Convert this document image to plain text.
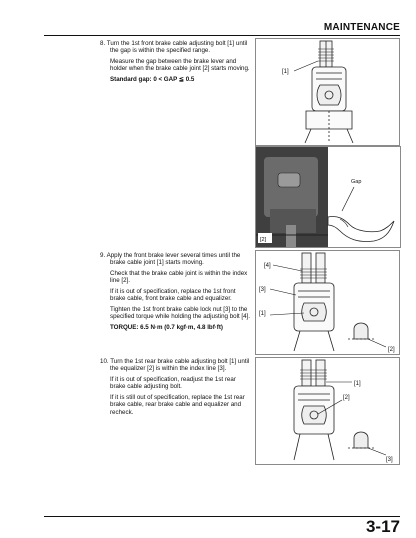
MAINTENANCE

8. Turn the 1st front brake cable adjusting bolt [1] until the gap is within the specified range.

Measure the gap between the brake lever and holder when the brake cable joint [2] starts moving.

Standard gap: 0 < GAP ≦ 0.5

9. Apply the front brake lever several times until the brake cable joint [1] starts moving.

Check that the brake cable joint is within the index line [2].

If it is out of specification, replace the 1st front brake cable, front brake cable and equalizer.

Tighten the 1st front brake cable lock nut [3] to the specified torque while holding the adjusting bolt [4].

TORQUE: 6.5 N·m (0.7 kgf·m, 4.8 lbf·ft)

10. Turn the 1st rear brake cable adjusting bolt [1] until the equalizer [2] is within the index line [3].

If it is out of specification, readjust the 1st rear brake cable adjusting bolt.

If it is still out of specification, replace the 1st rear brake cable, rear brake cable and equalizer and recheck.

[1]
Gap
[2]
[4]
[3]
[1]
[2]
[1]
[2]
[3]
3-17
